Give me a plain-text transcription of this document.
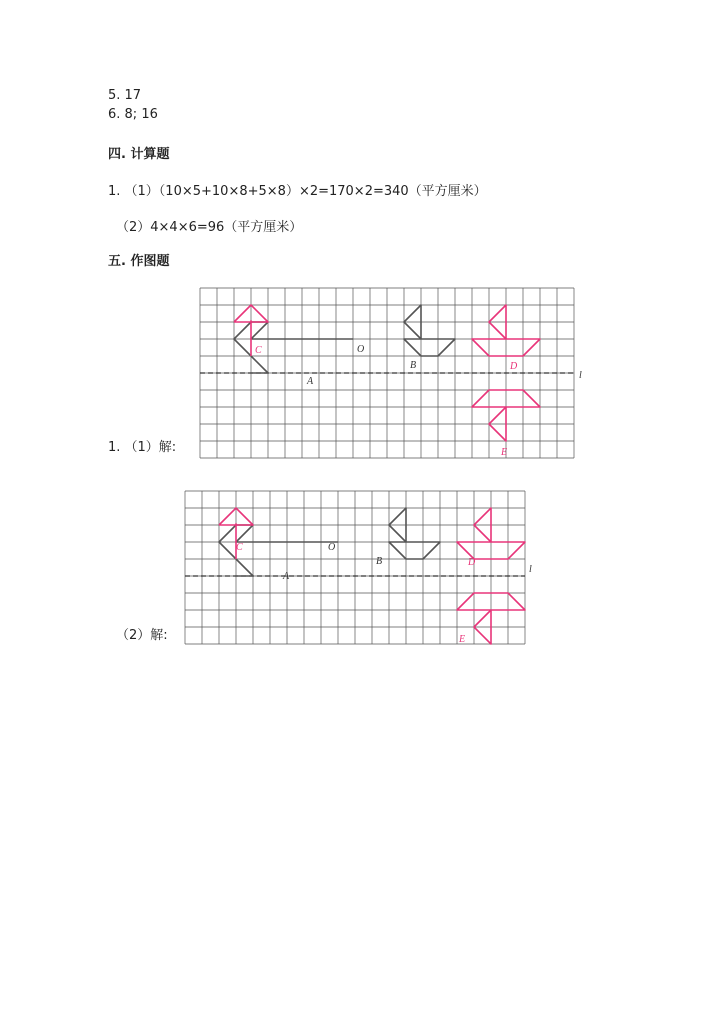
5. 17
6. 8; 16
四. 计算题
1. （1）（10×5+10×8+5×8）×2=170×2=340（平方厘米）
（2）4×4×6=96（平方厘米）
五. 作图题
1. （1）解:
（2）解:
l
O
A
B
C
D
E
l
O
A
B
C
D
E
